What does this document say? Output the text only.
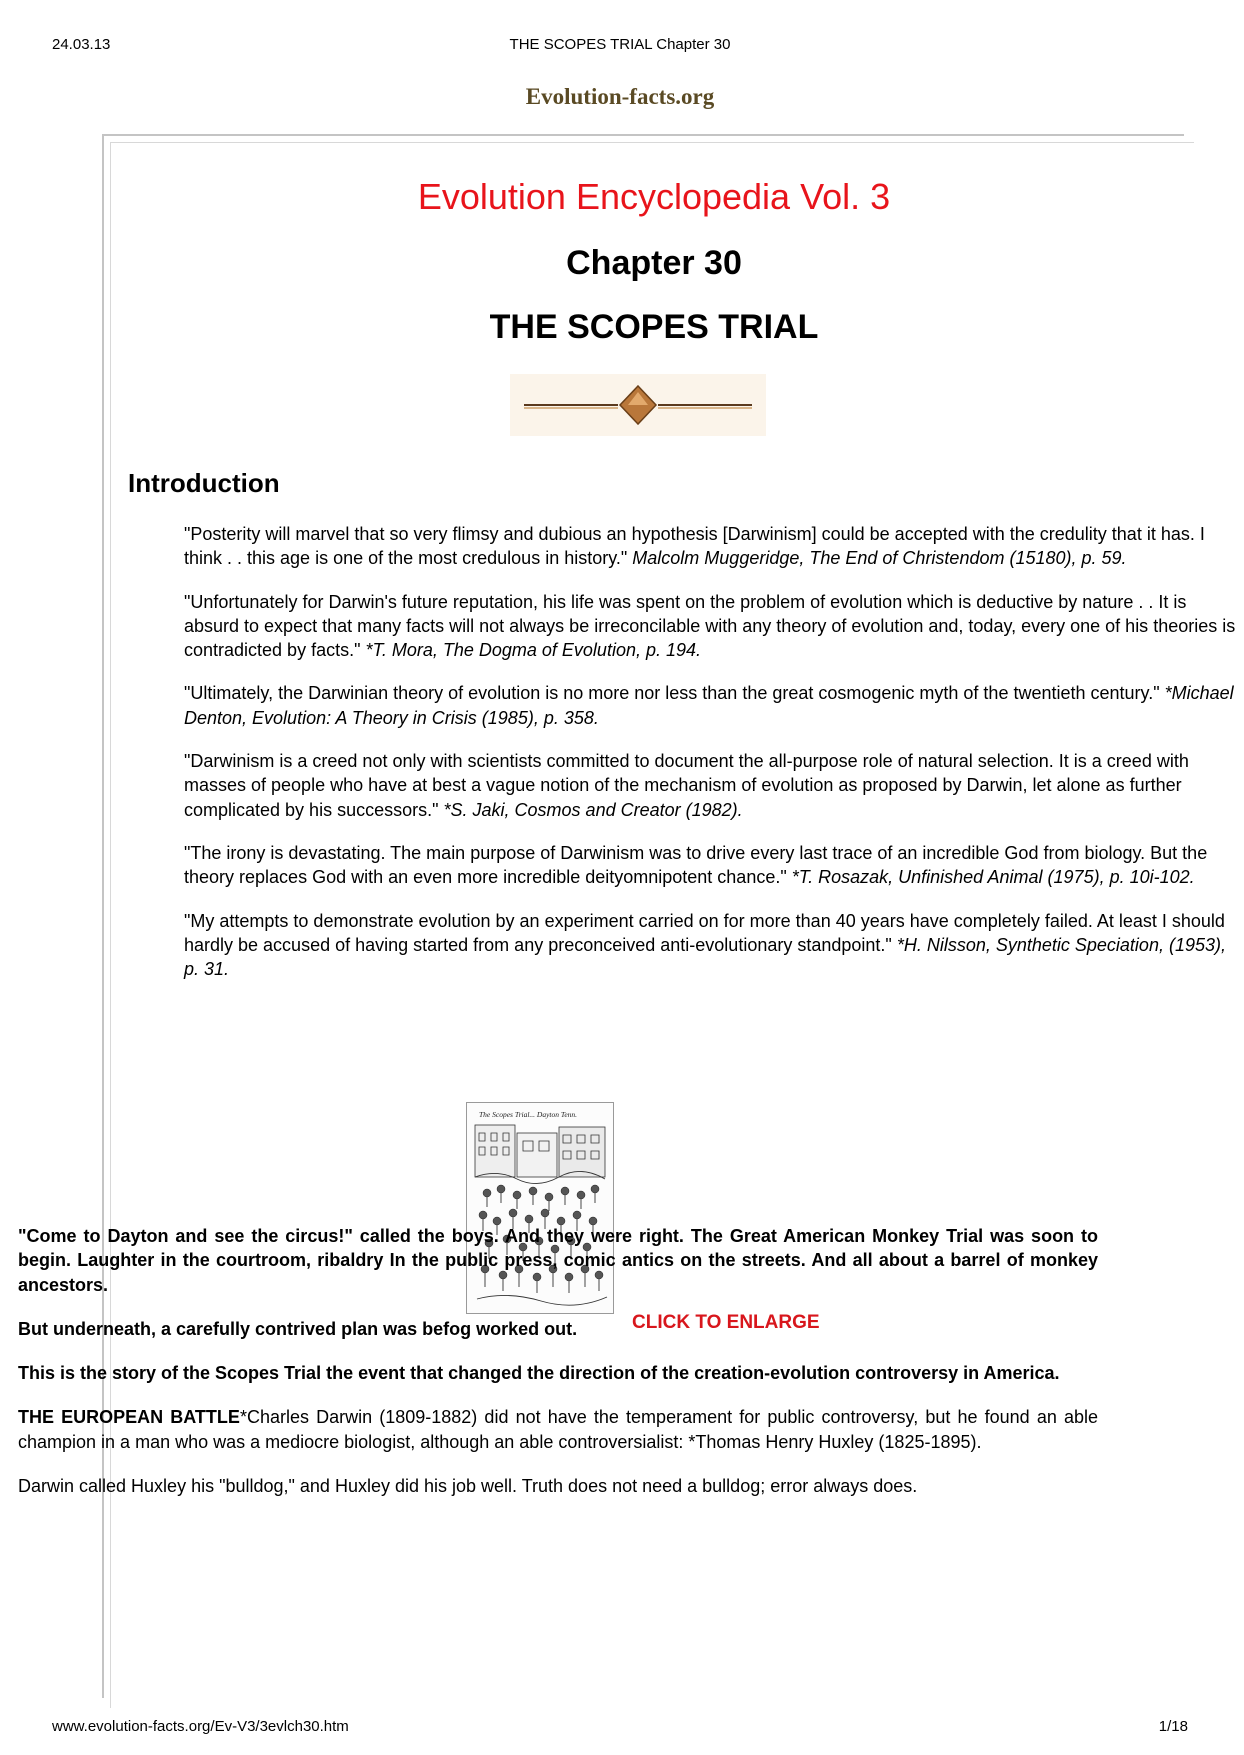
24.03.13	THE SCOPES TRIAL Chapter 30
Evolution-facts.org
Evolution Encyclopedia Vol. 3
Chapter 30
THE SCOPES TRIAL
Introduction

"Posterity will marvel that so very flimsy and dubious an hypothesis [Darwinism] could be accepted with the credulity that it has. I think . . this age is one of the most credulous in history." Malcolm Muggeridge, The End of Christendom (15180), p. 59.

"Unfortunately for Darwin's future reputation, his life was spent on the problem of evolution which is deductive by nature . . It is absurd to expect that many facts will not always be irreconcilable with any theory of evolution and, today, every one of his theories is contradicted by facts." *T. Mora, The Dogma of Evolution, p. 194.

"Ultimately, the Darwinian theory of evolution is no more nor less than the great cosmogenic myth of the twentieth century." *Michael Denton, Evolution: A Theory in Crisis (1985), p. 358.

"Darwinism is a creed not only with scientists committed to document the all-purpose role of natural selection. It is a creed with masses of people who have at best a vague notion of the mechanism of evolution as proposed by Darwin, let alone as further complicated by his successors." *S. Jaki, Cosmos and Creator (1982).

"The irony is devastating. The main purpose of Darwinism was to drive every last trace of an incredible God from biology. But the theory replaces God with an even more incredible deityomnipotent chance." *T. Rosazak, Unfinished Animal (1975), p. 10i-102.

"My attempts to demonstrate evolution by an experiment carried on for more than 40 years have completely failed. At least I should hardly be accused of having started from any preconceived anti-evolutionary standpoint." *H. Nilsson, Synthetic Speciation, (1953), p. 31.

The Scopes Trial... Dayton Tenn.
CLICK TO ENLARGE

"Come to Dayton and see the circus!" called the boys. And they were right. The Great American Monkey Trial was soon to begin. Laughter in the courtroom, ribaldry In the public press, comic antics on the streets. And all about a barrel of monkey ancestors.

But underneath, a carefully contrived plan was befog worked out.

This is the story of the Scopes Trial the event that changed the direction of the creation-evolution controversy in America.

THE EUROPEAN BATTLE*Charles Darwin (1809-1882) did not have the temperament for public controversy, but he found an able champion in a man who was a mediocre biologist, although an able controversialist: *Thomas Henry Huxley (1825-1895).

Darwin called Huxley his "bulldog," and Huxley did his job well. Truth does not need a bulldog; error always does.

www.evolution-facts.org/Ev-V3/3evlch30.htm	1/18
